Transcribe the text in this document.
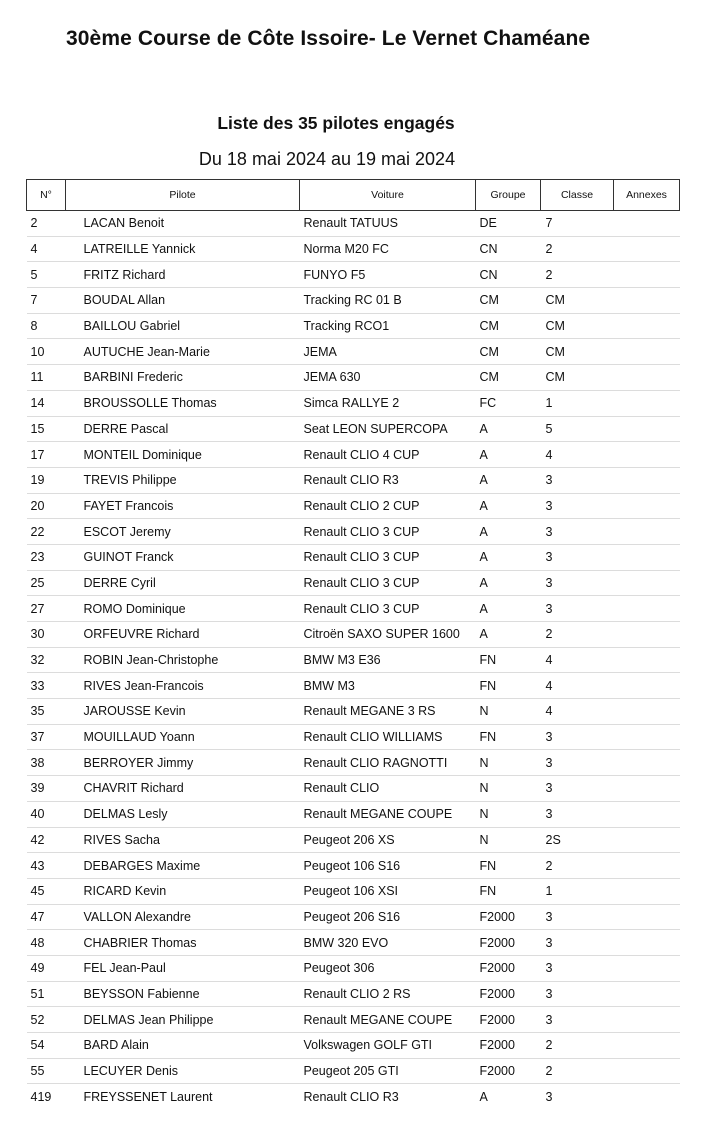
30ème Course de Côte Issoire- Le Vernet Chaméane
Liste des 35 pilotes engagés
Du 18 mai 2024 au 19 mai 2024
N°	Pilote	Voiture	Groupe	Classe	Annexes
2	LACAN Benoit	Renault TATUUS	DE	7	
4	LATREILLE Yannick	Norma M20 FC	CN	2	
5	FRITZ Richard	FUNYO F5	CN	2	
7	BOUDAL Allan	Tracking RC 01 B	CM	CM	
8	BAILLOU Gabriel	Tracking RCO1	CM	CM	
10	AUTUCHE Jean-Marie	JEMA	CM	CM	
11	BARBINI Frederic	JEMA 630	CM	CM	
14	BROUSSOLLE Thomas	Simca RALLYE 2	FC	1	
15	DERRE Pascal	Seat LEON SUPERCOPA	A	5	
17	MONTEIL Dominique	Renault CLIO 4 CUP	A	4	
19	TREVIS Philippe	Renault CLIO R3	A	3	
20	FAYET Francois	Renault CLIO 2 CUP	A	3	
22	ESCOT Jeremy	Renault CLIO 3 CUP	A	3	
23	GUINOT Franck	Renault CLIO 3 CUP	A	3	
25	DERRE Cyril	Renault CLIO 3 CUP	A	3	
27	ROMO Dominique	Renault CLIO 3 CUP	A	3	
30	ORFEUVRE Richard	Citroën SAXO SUPER 1600	A	2	
32	ROBIN Jean-Christophe	BMW M3 E36	FN	4	
33	RIVES Jean-Francois	BMW M3	FN	4	
35	JAROUSSE Kevin	Renault MEGANE 3 RS	N	4	
37	MOUILLAUD Yoann	Renault CLIO WILLIAMS	FN	3	
38	BERROYER Jimmy	Renault CLIO RAGNOTTI	N	3	
39	CHAVRIT Richard	Renault CLIO	N	3	
40	DELMAS Lesly	Renault MEGANE COUPE	N	3	
42	RIVES Sacha	Peugeot 206 XS	N	2S	
43	DEBARGES Maxime	Peugeot 106 S16	FN	2	
45	RICARD Kevin	Peugeot 106 XSI	FN	1	
47	VALLON Alexandre	Peugeot 206 S16	F2000	3	
48	CHABRIER Thomas	BMW 320 EVO	F2000	3	
49	FEL Jean-Paul	Peugeot 306	F2000	3	
51	BEYSSON Fabienne	Renault CLIO 2 RS	F2000	3	
52	DELMAS Jean Philippe	Renault MEGANE COUPE	F2000	3	
54	BARD Alain	Volkswagen GOLF GTI	F2000	2	
55	LECUYER Denis	Peugeot 205 GTI	F2000	2	
419	FREYSSENET Laurent	Renault CLIO R3	A	3	
